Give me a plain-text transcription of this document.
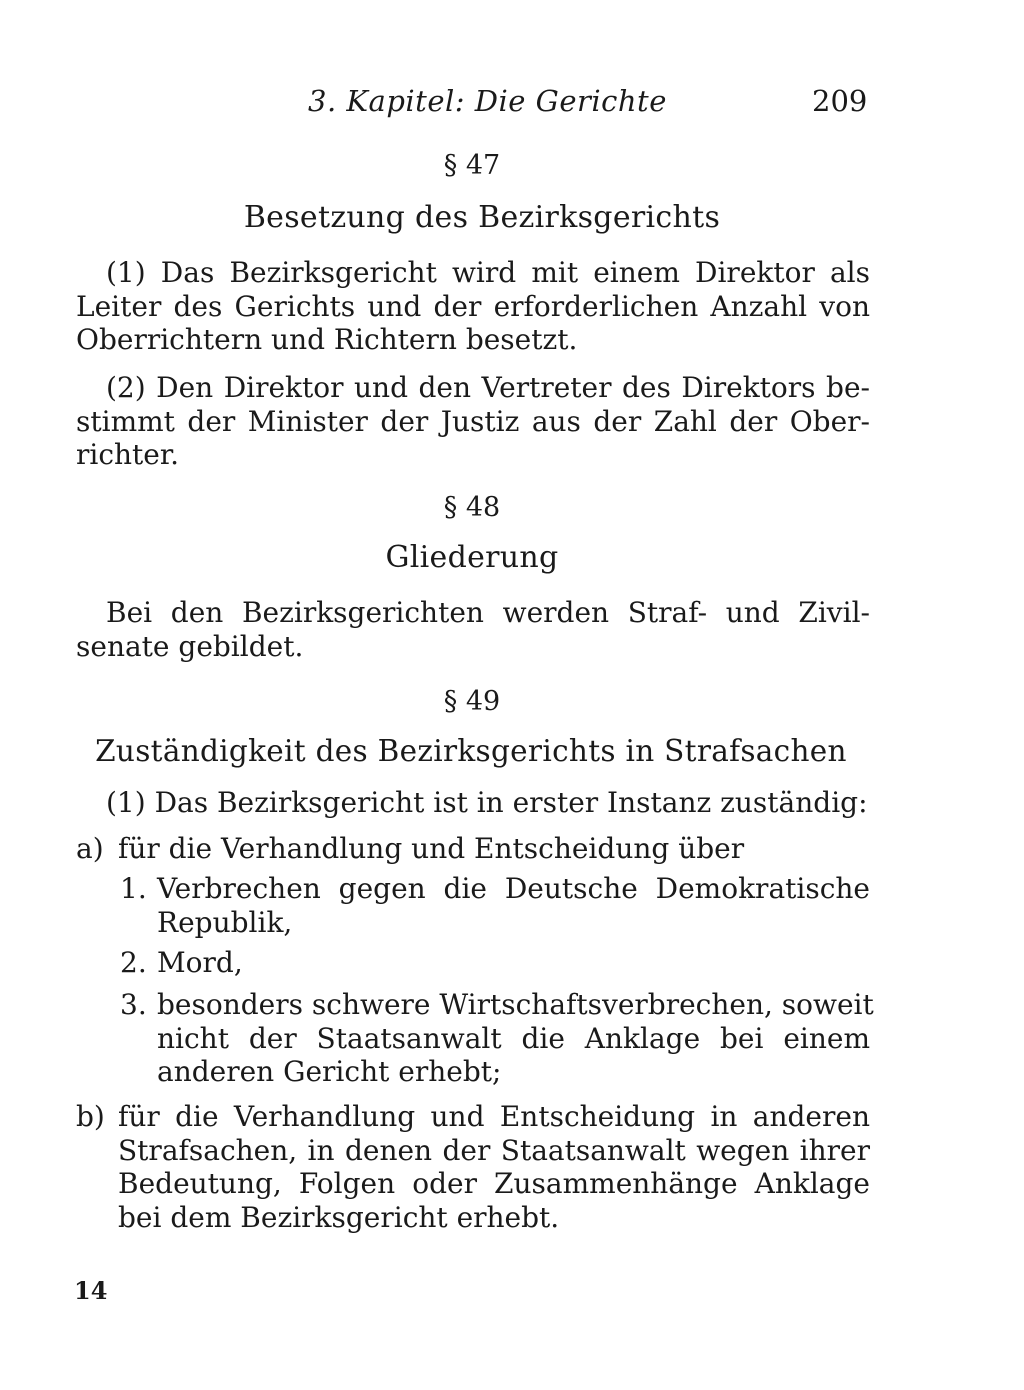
3. Kapitel: Die Gerichte	209
§ 47
Besetzung des Bezirksgerichts
(1) Das Bezirksgericht wird mit einem Direktor als
Leiter des Gerichts und der erforderlichen Anzahl von
Oberrichtern und Richtern besetzt.
(2) Den Direktor und den Vertreter des Direktors be-
stimmt der Minister der Justiz aus der Zahl der Ober-
richter.
§ 48
Gliederung
Bei den Bezirksgerichten werden Straf- und Zivil-
senate gebildet.
§ 49
Zuständigkeit des Bezirksgerichts in Strafsachen
(1) Das Bezirksgericht ist in erster Instanz zuständig:
a) für die Verhandlung und Entscheidung über
1. Verbrechen gegen die Deutsche Demokratische
Republik,
2. Mord,
3. besonders schwere Wirtschaftsverbrechen, soweit
nicht der Staatsanwalt die Anklage bei einem
anderen Gericht erhebt;
b) für die Verhandlung und Entscheidung in anderen
Strafsachen, in denen der Staatsanwalt wegen ihrer
Bedeutung, Folgen oder Zusammenhänge Anklage
bei dem Bezirksgericht erhebt.
14
